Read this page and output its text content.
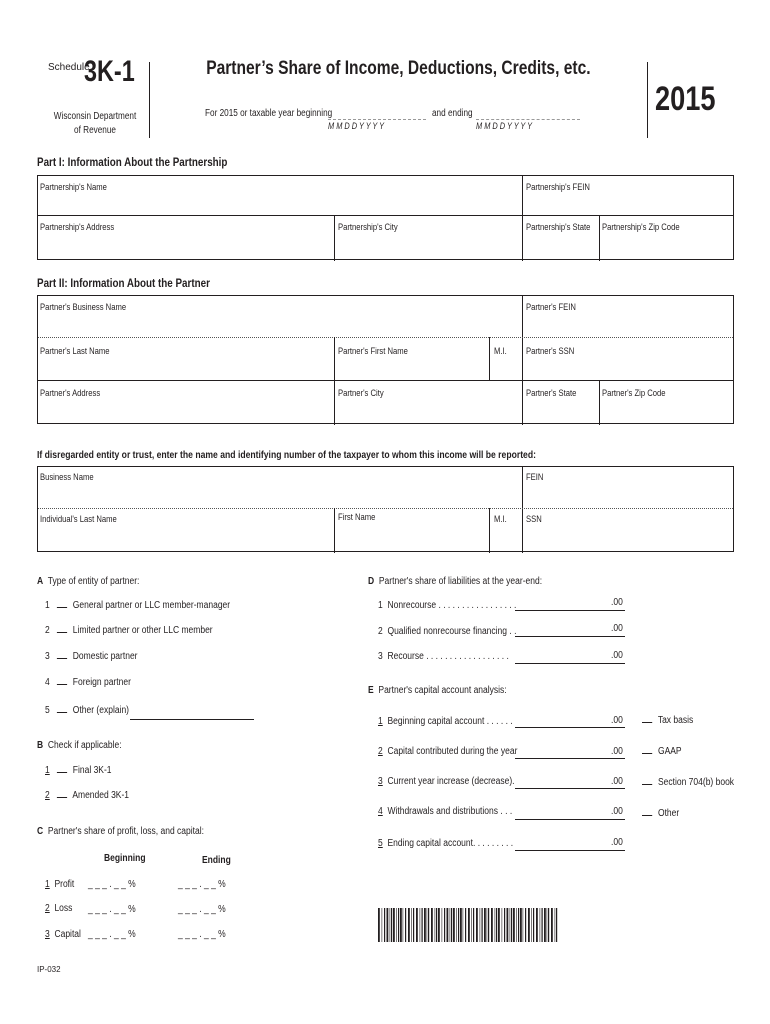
Schedule
3K-1
Wisconsin Department
of Revenue
Partner’s Share of Income, Deductions, Credits, etc.
For 2015 or taxable year beginning
M M D D Y Y Y Y
and ending
M M D D Y Y Y Y
2015
Part I: Information About the Partnership
Partnership's Name	Partnership's FEIN
Partnership's Address	Partnership's City	Partnership's State Partnership's Zip Code
Part II: Information About the Partner
Partner's Business Name	Partner's FEIN
Partner's Last Name	Partner's First Name	M.I. Partner's SSN
Partner's Address	Partner's City	Partner's State	Partner's Zip Code
If disregarded entity or trust, enter the name and identifying number of the taxpayer to whom this income will be reported:
Business Name	FEIN
Individual's Last Name	First Name	M.I. SSN
A Type of entity of partner:
1 General partner or LLC member-manager
2 Limited partner or other LLC member
3 Domestic partner
4 Foreign partner
5 Other (explain)
B Check if applicable:
1 Final 3K-1
2 Amended 3K-1
C Partner's share of profit, loss, and capital:
Beginning	Ending
1 Profit _ _ _ . _ _ %	_ _ _ . _ _ %
2 Loss _ _ _ . _ _ %	_ _ _ . _ _ %
3 Capital _ _ _ . _ _ %	_ _ _ . _ _ %
D Partner's share of liabilities at the year-end:
1 Nonrecourse . . . . . . . . . . . . . . . . .	.00
2 Qualified nonrecourse financing . .	.00
3 Recourse . . . . . . . . . . . . . . . . . .	.00
E Partner's capital account analysis:
1 Beginning capital account . . . . . .	.00	Tax basis
2 Capital contributed during the year	.00	GAAP
3 Current year increase (decrease).	.00	Section 704(b) book
4 Withdrawals and distributions . . .	.00	Other
5 Ending capital account. . . . . . . . .	.00
IP-032
